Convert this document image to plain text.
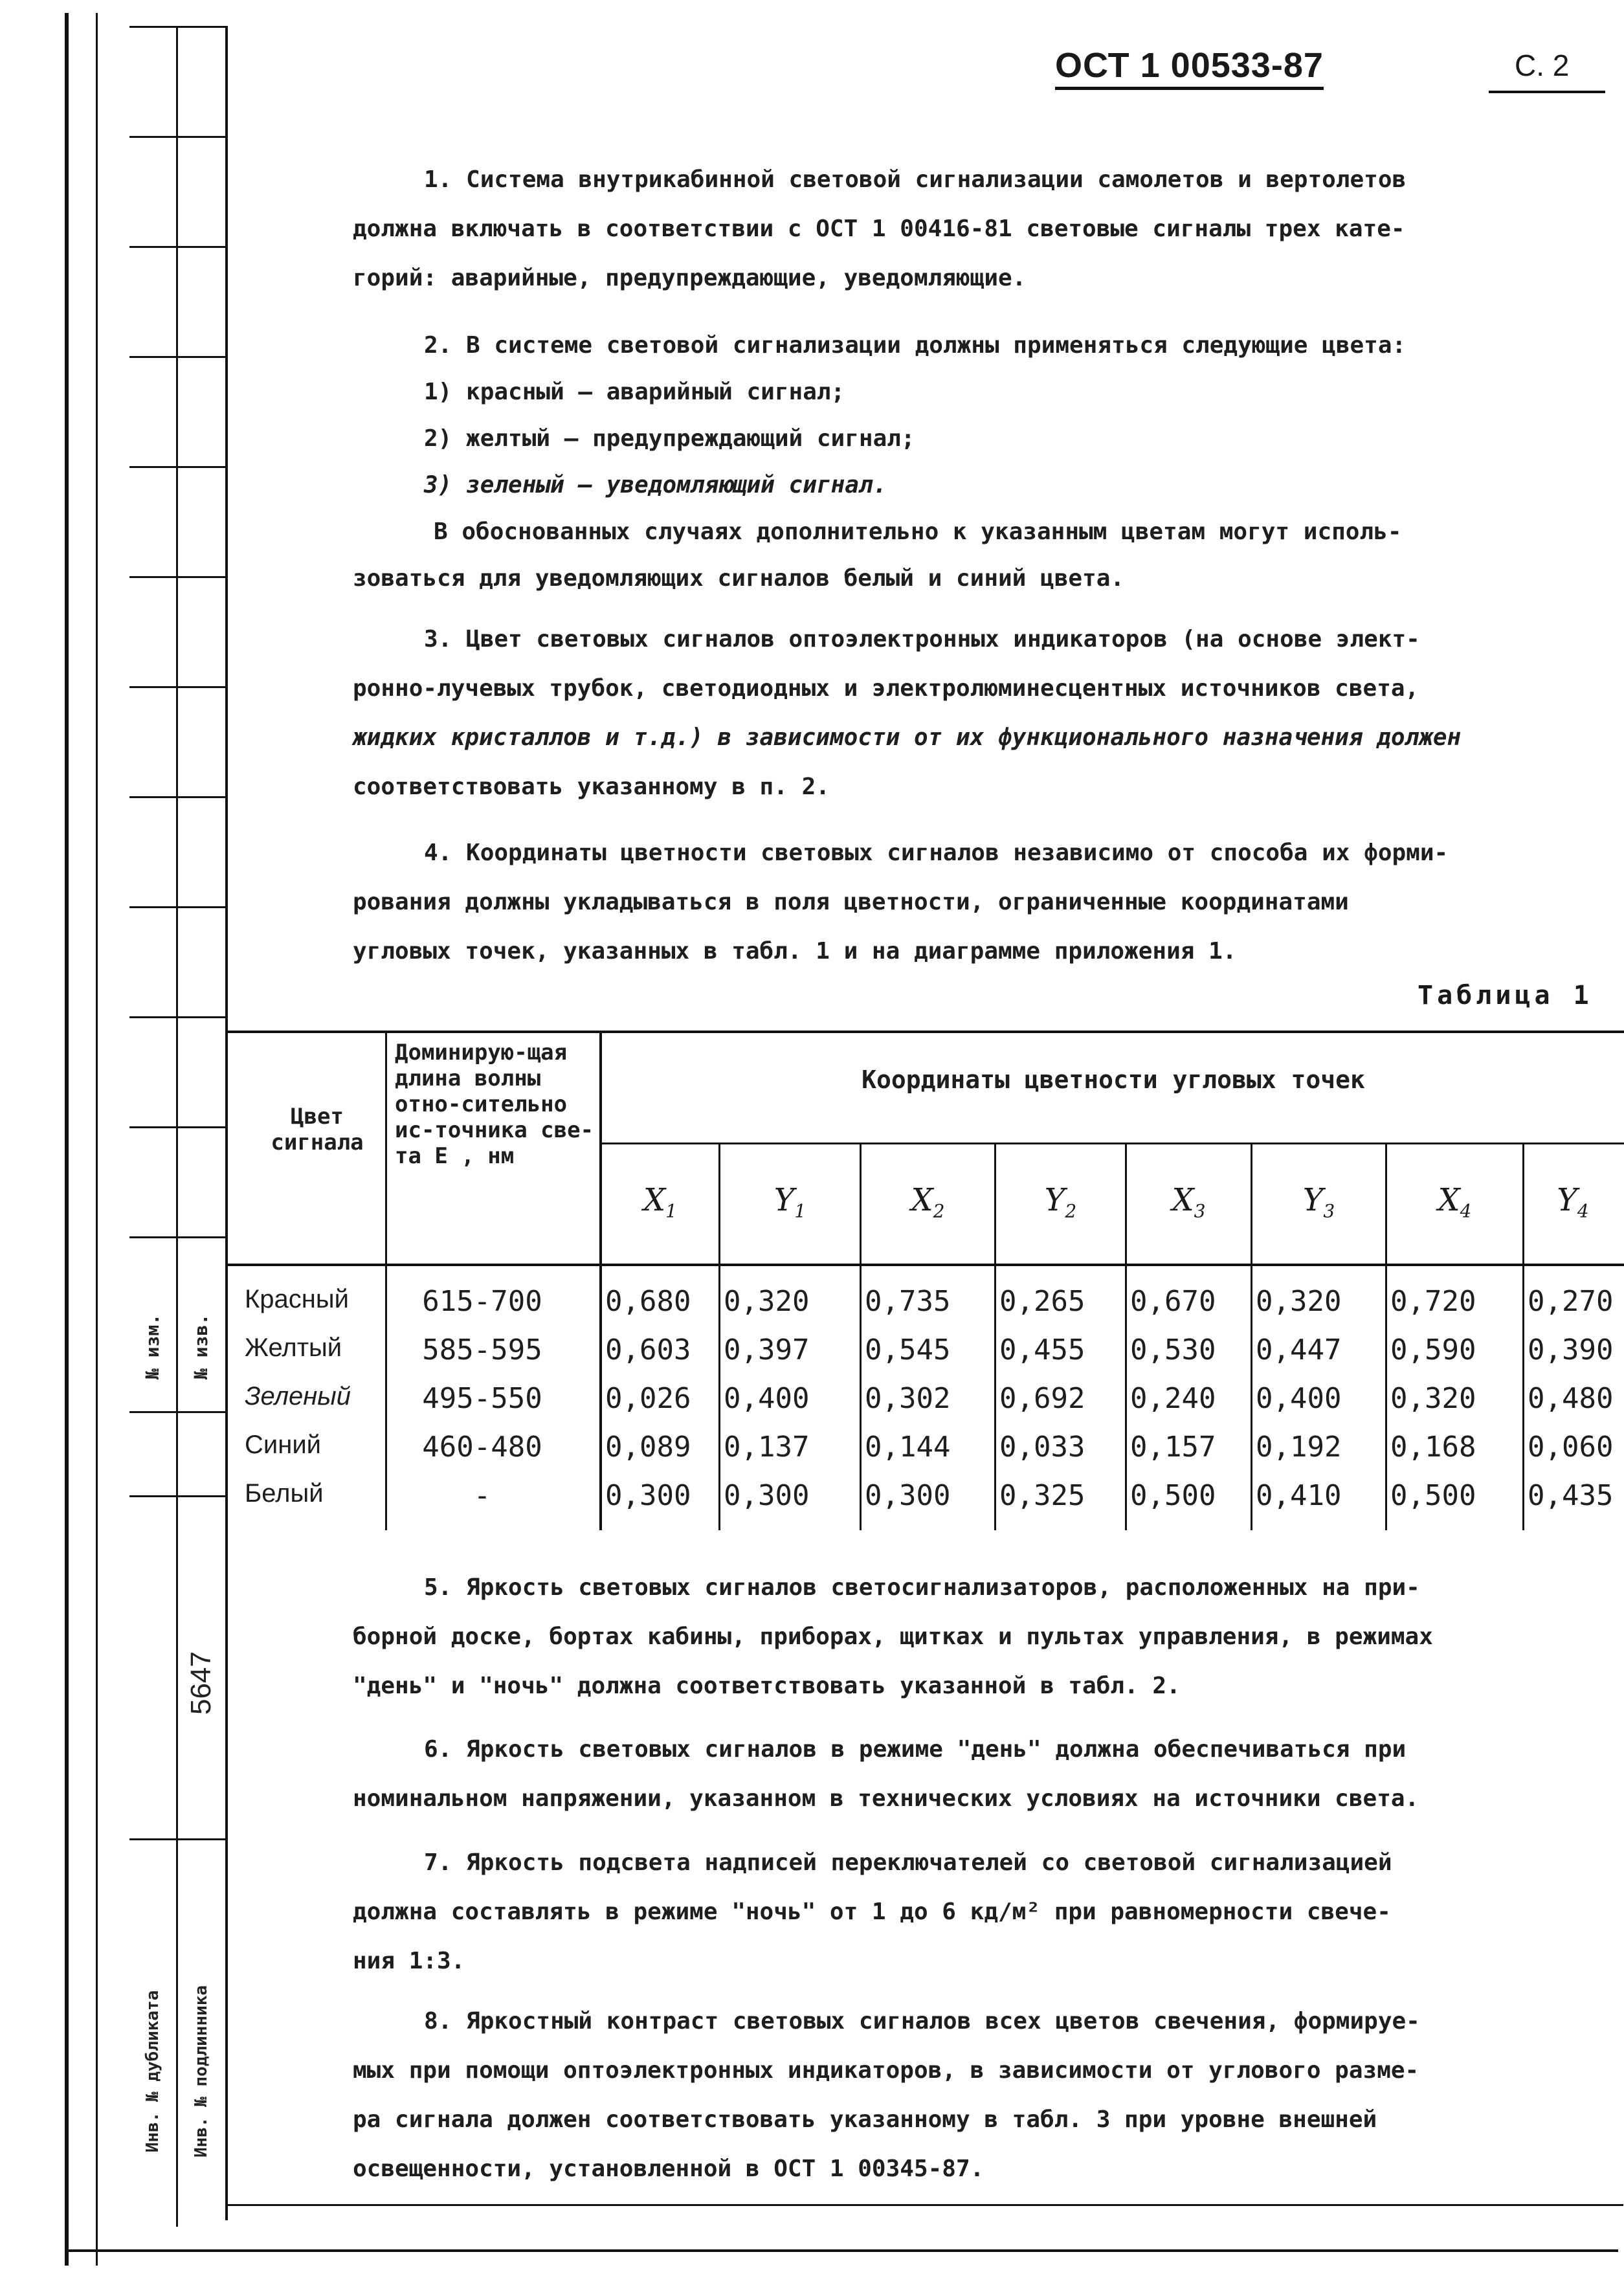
№ изм. № изв.
5647
Инв. № дубликата Инв. № подлинника
ОСТ 1 00533-87	С. 2

1. Система внутрикабинной световой сигнализации самолетов и вертолетов

должна включать в соответствии с ОСТ 1 00416-81 световые сигналы трех кате-

горий: аварийные, предупреждающие, уведомляющие.

2. В системе световой сигнализации должны применяться следующие цвета:

1) красный – аварийный сигнал;

2) желтый – предупреждающий сигнал;

3) зеленый – уведомляющий сигнал.

В обоснованных случаях дополнительно к указанным цветам могут исполь-

зоваться для уведомляющих сигналов белый и синий цвета.

3. Цвет световых сигналов оптоэлектронных индикаторов (на основе элект-

ронно-лучевых трубок, светодиодных и электролюминесцентных источников света,

жидких кристаллов и т.д.) в зависимости от их функционального назначения должен

соответствовать указанному в п. 2.

4. Координаты цветности световых сигналов независимо от способа их форми-

рования должны укладываться в поля цветности, ограниченные координатами

угловых точек, указанных в табл. 1 и на диаграмме приложения 1.

Таблица 1
Цвет сигнала
Доминирую-щая длина волны отно-сительно ис-точника све-та E , нм
Координаты цветности угловых точек
$X_1$	$Y_1$	$X_2$	$Y_2$	$X_3$	$Y_3$	$X_4$	$Y_4$
Красный	615-700	0,680 0,320 0,735 0,265 0,670 0,320 0,720 0,270
Желтый	585-595	0,603 0,397 0,545 0,455 0,530 0,447 0,590 0,390
Зеленый	495-550	0,026 0,400 0,302 0,692 0,240 0,400 0,320 0,480
Синий	460-480	0,089 0,137 0,144 0,033 0,157 0,192 0,168 0,060
Белый	-	0,300 0,300 0,300 0,325 0,500 0,410 0,500 0,435

5. Яркость световых сигналов светосигнализаторов, расположенных на при-

борной доске, бортах кабины, приборах, щитках и пультах управления, в режимах

"день" и "ночь" должна соответствовать указанной в табл. 2.

6. Яркость световых сигналов в режиме "день" должна обеспечиваться при

номинальном напряжении, указанном в технических условиях на источники света.

7. Яркость подсвета надписей переключателей со световой сигнализацией

должна составлять в режиме "ночь" от 1 до 6 кд/м² при равномерности свече-

ния 1:3.

8. Яркостный контраст световых сигналов всех цветов свечения, формируе-

мых при помощи оптоэлектронных индикаторов, в зависимости от углового разме-

ра сигнала должен соответствовать указанному в табл. 3 при уровне внешней

освещенности, установленной в ОСТ 1 00345-87.
